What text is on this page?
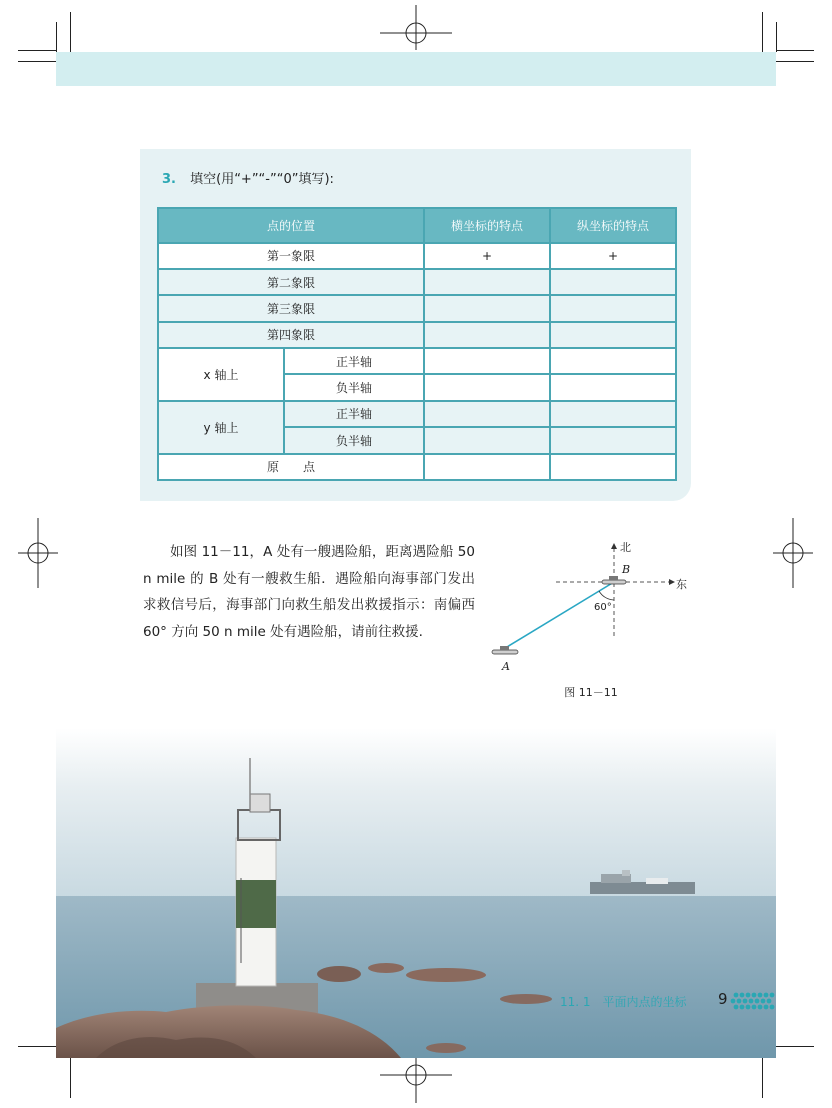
3. 填空(用“+”“-”“0”填写):
点的位置		横坐标的特点	纵坐标的特点
第一象限		+	+
第二象限			
第三象限			
第四象限			
x 轴上	正半轴		
	负半轴		
y 轴上	正半轴		
	负半轴		
原　　点			

如图 11－11，A 处有一艘遇险船，距离遇险船 50 n mile 的 B 处有一艘救生船．遇险船向海事部门发出求救信号后，海事部门向救生船发出救援指示：南偏西 60° 方向 50 n mile 处有遇险船，请前往救援.

北
东
60°
B
A
图 11－11
11. 1　平面内点的坐标 9
